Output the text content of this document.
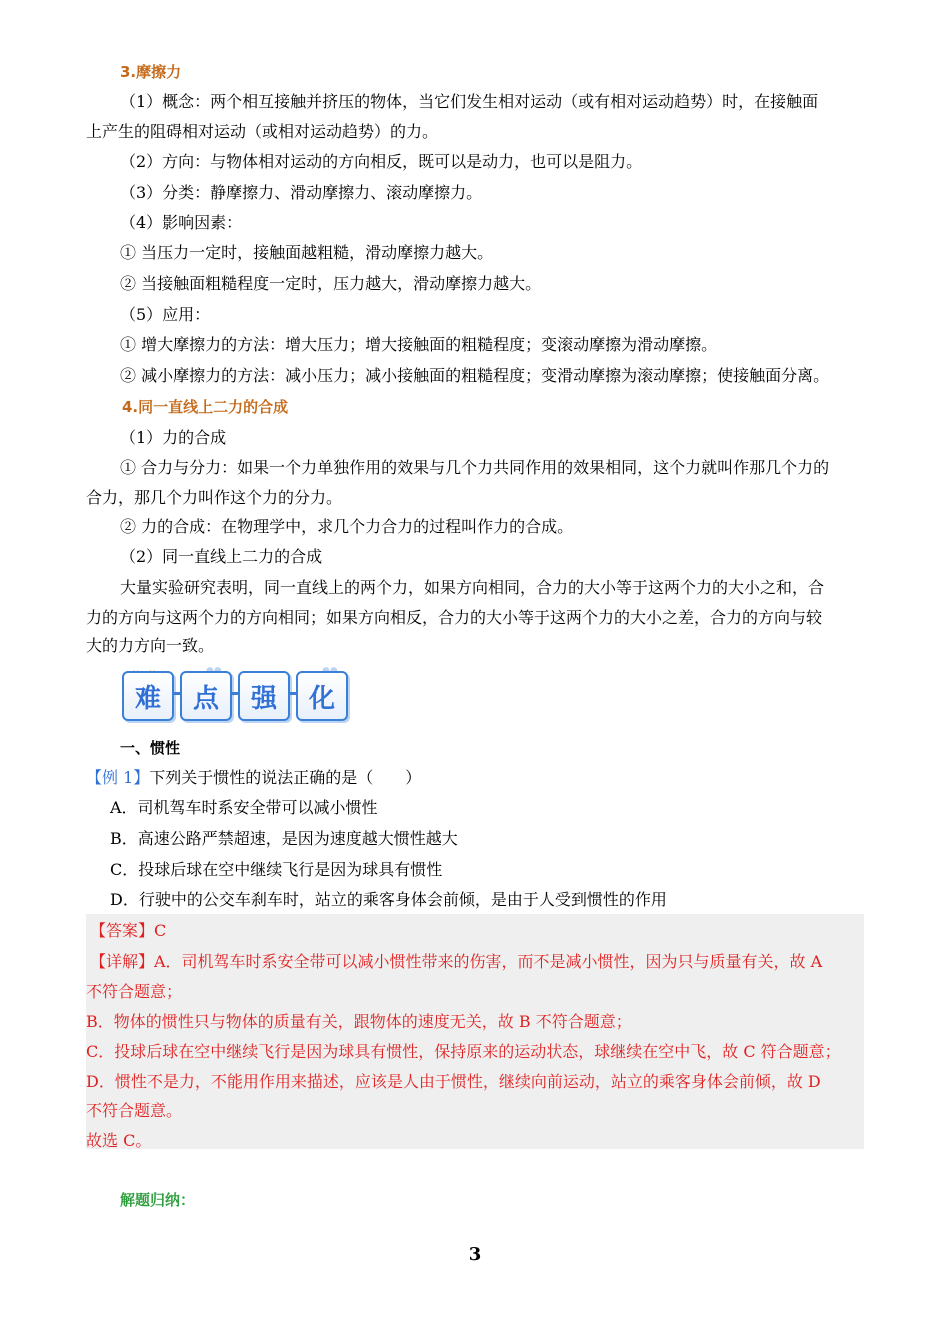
3.摩擦力
（1）概念：两个相互接触并挤压的物体，当它们发生相对运动（或有相对运动趋势）时，在接触面
上产生的阻碍相对运动（或相对运动趋势）的力。
（2）方向：与物体相对运动的方向相反，既可以是动力，也可以是阻力。
（3）分类：静摩擦力、滑动摩擦力、滚动摩擦力。
（4）影响因素：
① 当压力一定时，接触面越粗糙，滑动摩擦力越大。
② 当接触面粗糙程度一定时，压力越大，滑动摩擦力越大。
（5）应用：
① 增大摩擦力的方法：增大压力；增大接触面的粗糙程度；变滚动摩擦为滑动摩擦。
② 减小摩擦力的方法：减小压力；减小接触面的粗糙程度；变滑动摩擦为滚动摩擦；使接触面分离。
4.同一直线上二力的合成
（1）力的合成
① 合力与分力：如果一个力单独作用的效果与几个力共同作用的效果相同，这个力就叫作那几个力的
合力，那几个力叫作这个力的分力。
② 力的合成：在物理学中，求几个力合力的过程叫作力的合成。
（2）同一直线上二力的合成
大量实验研究表明，同一直线上的两个力，如果方向相同，合力的大小等于这两个力的大小之和，合
力的方向与这两个力的方向相同；如果方向相反，合力的大小等于这两个力的大小之差，合力的方向与较
大的力方向一致。
难	点	强	化
一、惯性
【例 1】下列关于惯性的说法正确的是（　　）
A．司机驾车时系安全带可以减小惯性
B．高速公路严禁超速，是因为速度越大惯性越大
C．投球后球在空中继续飞行是因为球具有惯性
D．行驶中的公交车刹车时，站立的乘客身体会前倾，是由于人受到惯性的作用
【答案】C
【详解】A．司机驾车时系安全带可以减小惯性带来的伤害，而不是减小惯性，因为只与质量有关，故 A
不符合题意；
B．物体的惯性只与物体的质量有关，跟物体的速度无关，故 B 不符合题意；
C．投球后球在空中继续飞行是因为球具有惯性，保持原来的运动状态，球继续在空中飞，故 C 符合题意；
D．惯性不是力，不能用作用来描述，应该是人由于惯性，继续向前运动，站立的乘客身体会前倾，故 D
不符合题意。
故选 C。
解题归纳：
3
